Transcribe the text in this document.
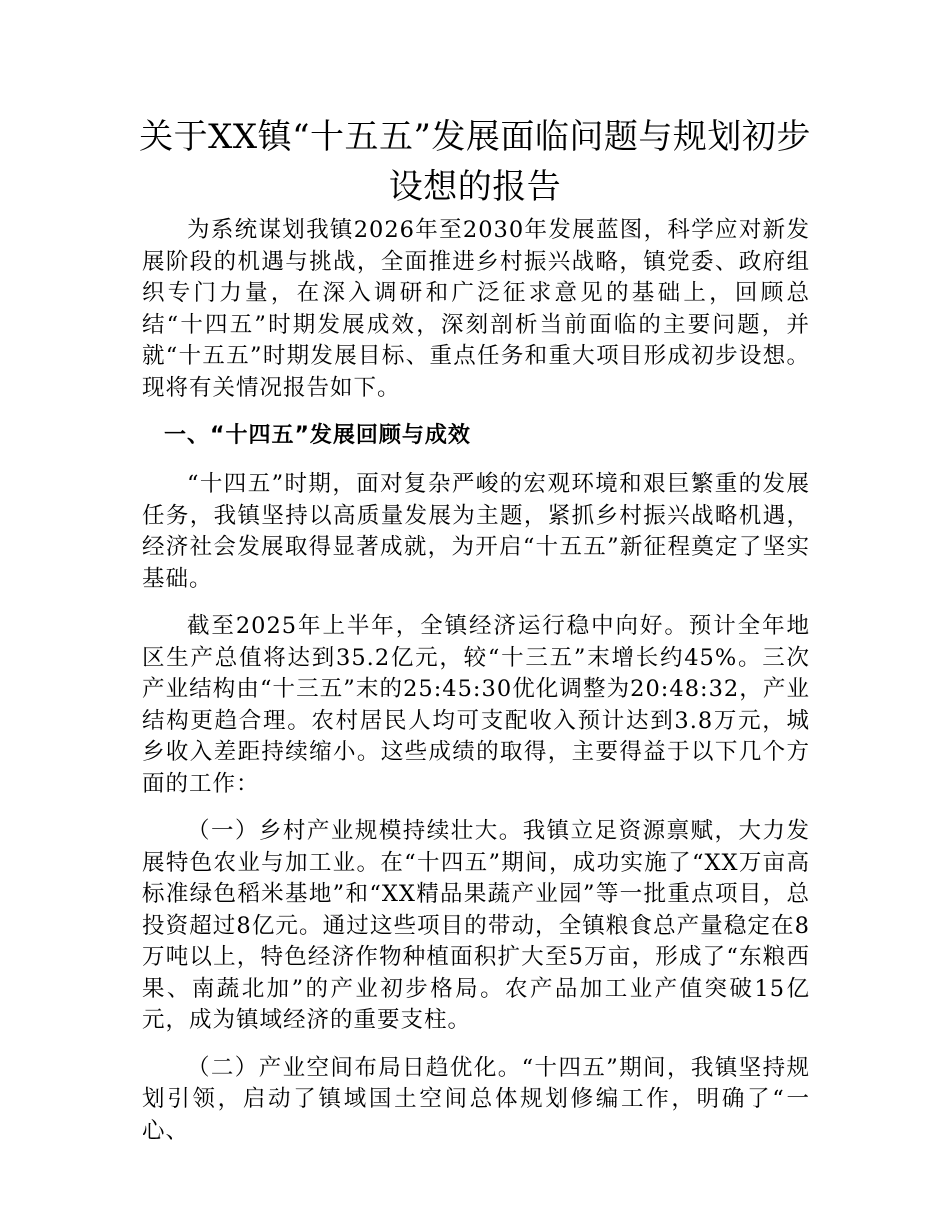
关于XX镇“十五五”发展面临问题与规划初步设想的报告

为系统谋划我镇2026年至2030年发展蓝图，科学应对新发展阶段的机遇与挑战，全面推进乡村振兴战略，镇党委、政府组织专门力量，在深入调研和广泛征求意见的基础上，回顾总结“十四五”时期发展成效，深刻剖析当前面临的主要问题，并就“十五五”时期发展目标、重点任务和重大项目形成初步设想。现将有关情况报告如下。

一、“十四五”发展回顾与成效

“十四五”时期，面对复杂严峻的宏观环境和艰巨繁重的发展任务，我镇坚持以高质量发展为主题，紧抓乡村振兴战略机遇，经济社会发展取得显著成就，为开启“十五五”新征程奠定了坚实基础。

截至2025年上半年，全镇经济运行稳中向好。预计全年地区生产总值将达到35.2亿元，较“十三五”末增长约45%。三次产业结构由“十三五”末的25:45:30优化调整为20:48:32，产业结构更趋合理。农村居民人均可支配收入预计达到3.8万元，城乡收入差距持续缩小。这些成绩的取得，主要得益于以下几个方面的工作：

（一）乡村产业规模持续壮大。我镇立足资源禀赋，大力发展特色农业与加工业。在“十四五”期间，成功实施了“XX万亩高标准绿色稻米基地”和“XX精品果蔬产业园”等一批重点项目，总投资超过8亿元。通过这些项目的带动，全镇粮食总产量稳定在8万吨以上，特色经济作物种植面积扩大至5万亩，形成了“东粮西果、南蔬北加”的产业初步格局。农产品加工业产值突破15亿元，成为镇域经济的重要支柱。

（二）产业空间布局日趋优化。“十四五”期间，我镇坚持规划引领，启动了镇域国土空间总体规划修编工作，明确了“一心、
